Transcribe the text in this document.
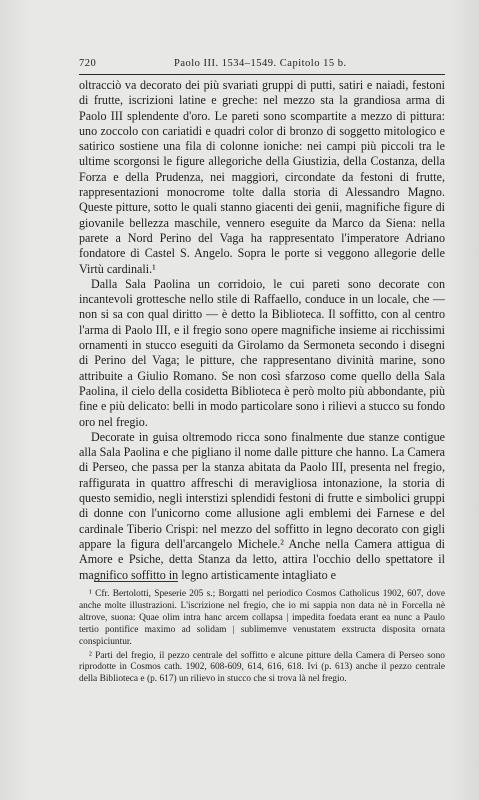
720	Paolo III. 1534–1549. Capitolo 15 b.

oltracciò va decorato dei più svariati gruppi di putti, satiri e naiadi, festoni di frutte, iscrizioni latine e greche: nel mezzo sta la grandiosa arma di Paolo III splendente d'oro. Le pareti sono scompartite a mezzo di pittura: uno zoccolo con cariatidi e quadri color di bronzo di soggetto mitologico e satirico sostiene una fila di colonne ioniche: nei campi più piccoli tra le ultime scorgonsi le figure allegoriche della Giustizia, della Costanza, della Forza e della Prudenza, nei maggiori, circondate da festoni di frutte, rappresentazioni monocrome tolte dalla storia di Alessandro Magno. Queste pitture, sotto le quali stanno giacenti dei genii, magnifiche figure di giovanile bellezza maschile, vennero eseguite da Marco da Siena: nella parete a Nord Perino del Vaga ha rappresentato l'imperatore Adriano fondatore di Castel S. Angelo. Sopra le porte si veggono allegorie delle Virtù cardinali.¹

Dalla Sala Paolina un corridoio, le cui pareti sono decorate con incantevoli grottesche nello stile di Raffaello, conduce in un locale, che — non si sa con qual diritto — è detto la Biblioteca. Il soffitto, con al centro l'arma di Paolo III, e il fregio sono opere magnifiche insieme ai ricchissimi ornamenti in stucco eseguiti da Girolamo da Sermoneta secondo i disegni di Perino del Vaga; le pitture, che rappresentano divinità marine, sono attribuite a Giulio Romano. Se non così sfarzoso come quello della Sala Paolina, il cielo della cosidetta Biblioteca è però molto più abbondante, più fine e più delicato: belli in modo particolare sono i rilievi a stucco su fondo oro nel fregio.

Decorate in guisa oltremodo ricca sono finalmente due stanze contigue alla Sala Paolina e che pigliano il nome dalle pitture che hanno. La Camera di Perseo, che passa per la stanza abitata da Paolo III, presenta nel fregio, raffigurata in quattro affreschi di meravigliosa intonazione, la storia di questo semidio, negli interstizi splendidi festoni di frutte e simbolici gruppi di donne con l'unicorno come allusione agli emblemi dei Farnese e del cardinale Tiberio Crispi: nel mezzo del soffitto in legno decorato con gigli appare la figura dell'arcangelo Michele.² Anche nella Camera attigua di Amore e Psiche, detta Stanza da letto, attira l'occhio dello spettatore il magnifico soffitto in legno artisticamente intagliato e

¹ Cfr. Bertolotti, Speserie 205 s.; Borgatti nel periodico Cosmos Catholicus 1902, 607, dove anche molte illustrazioni. L'iscrizione nel fregio, che io mi sappia non data nè in Forcella nè altrove, suona: Quae olim intra hanc arcem collapsa | impedita foedata erant ea nunc a Paulo tertio pontifice maximo ad solidam | sublimemve venustatem exstructa disposita ornata conspiciuntur.

² Parti del fregio, il pezzo centrale del soffitto e alcune pitture della Camera di Perseo sono riprodotte in Cosmos cath. 1902, 608-609, 614, 616, 618. Ivi (p. 613) anche il pezzo centrale della Biblioteca e (p. 617) un rilievo in stucco che si trova là nel fregio.
